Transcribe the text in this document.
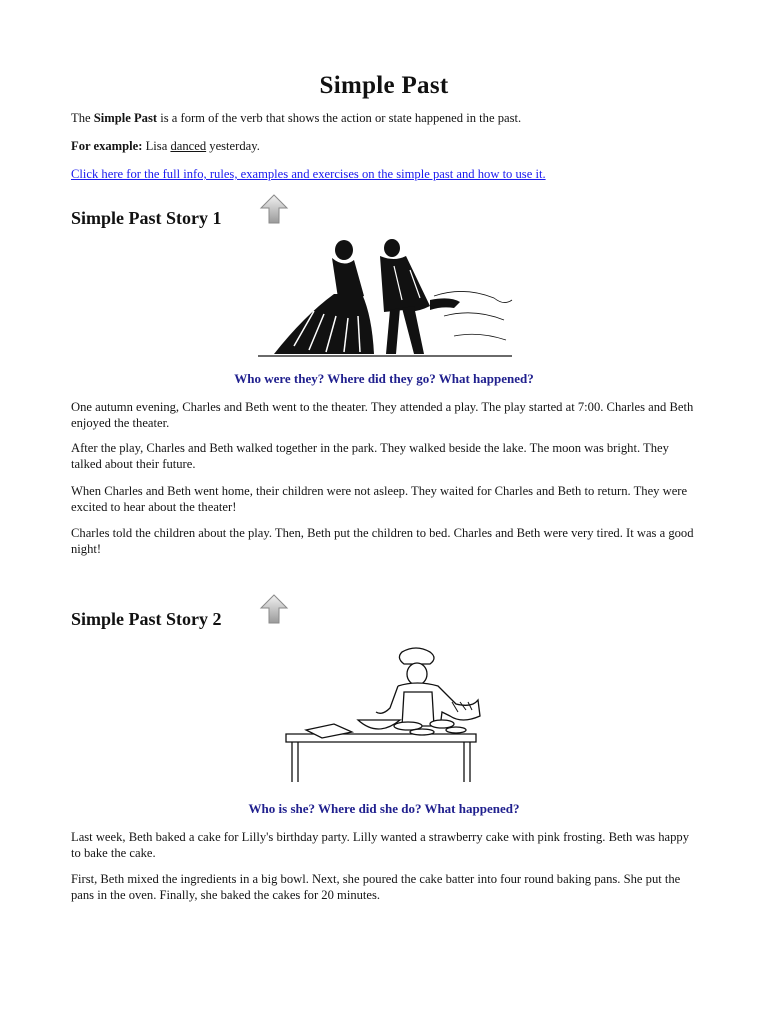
Simple Past
The Simple Past is a form of the verb that shows the action or state happened in the past.
For example: Lisa danced yesterday.
Click here for the full info, rules, examples and exercises on the simple past and how to use it.
Simple Past Story 1
Who were they? Where did they go? What happened?
One autumn evening, Charles and Beth went to the theater. They attended a play. The play started at 7:00. Charles and Beth enjoyed the theater.
After the play, Charles and Beth walked together in the park. They walked beside the lake. The moon was bright. They talked about their future.
When Charles and Beth went home, their children were not asleep. They waited for Charles and Beth to return. They were excited to hear about the theater!
Charles told the children about the play. Then, Beth put the children to bed. Charles and Beth were very tired. It was a good night!
Simple Past Story 2
Who is she? Where did she do? What happened?
Last week, Beth baked a cake for Lilly's birthday party. Lilly wanted a strawberry cake with pink frosting. Beth was happy to bake the cake.
First, Beth mixed the ingredients in a big bowl. Next, she poured the cake batter into four round baking pans. She put the pans in the oven. Finally, she baked the cakes for 20 minutes.
